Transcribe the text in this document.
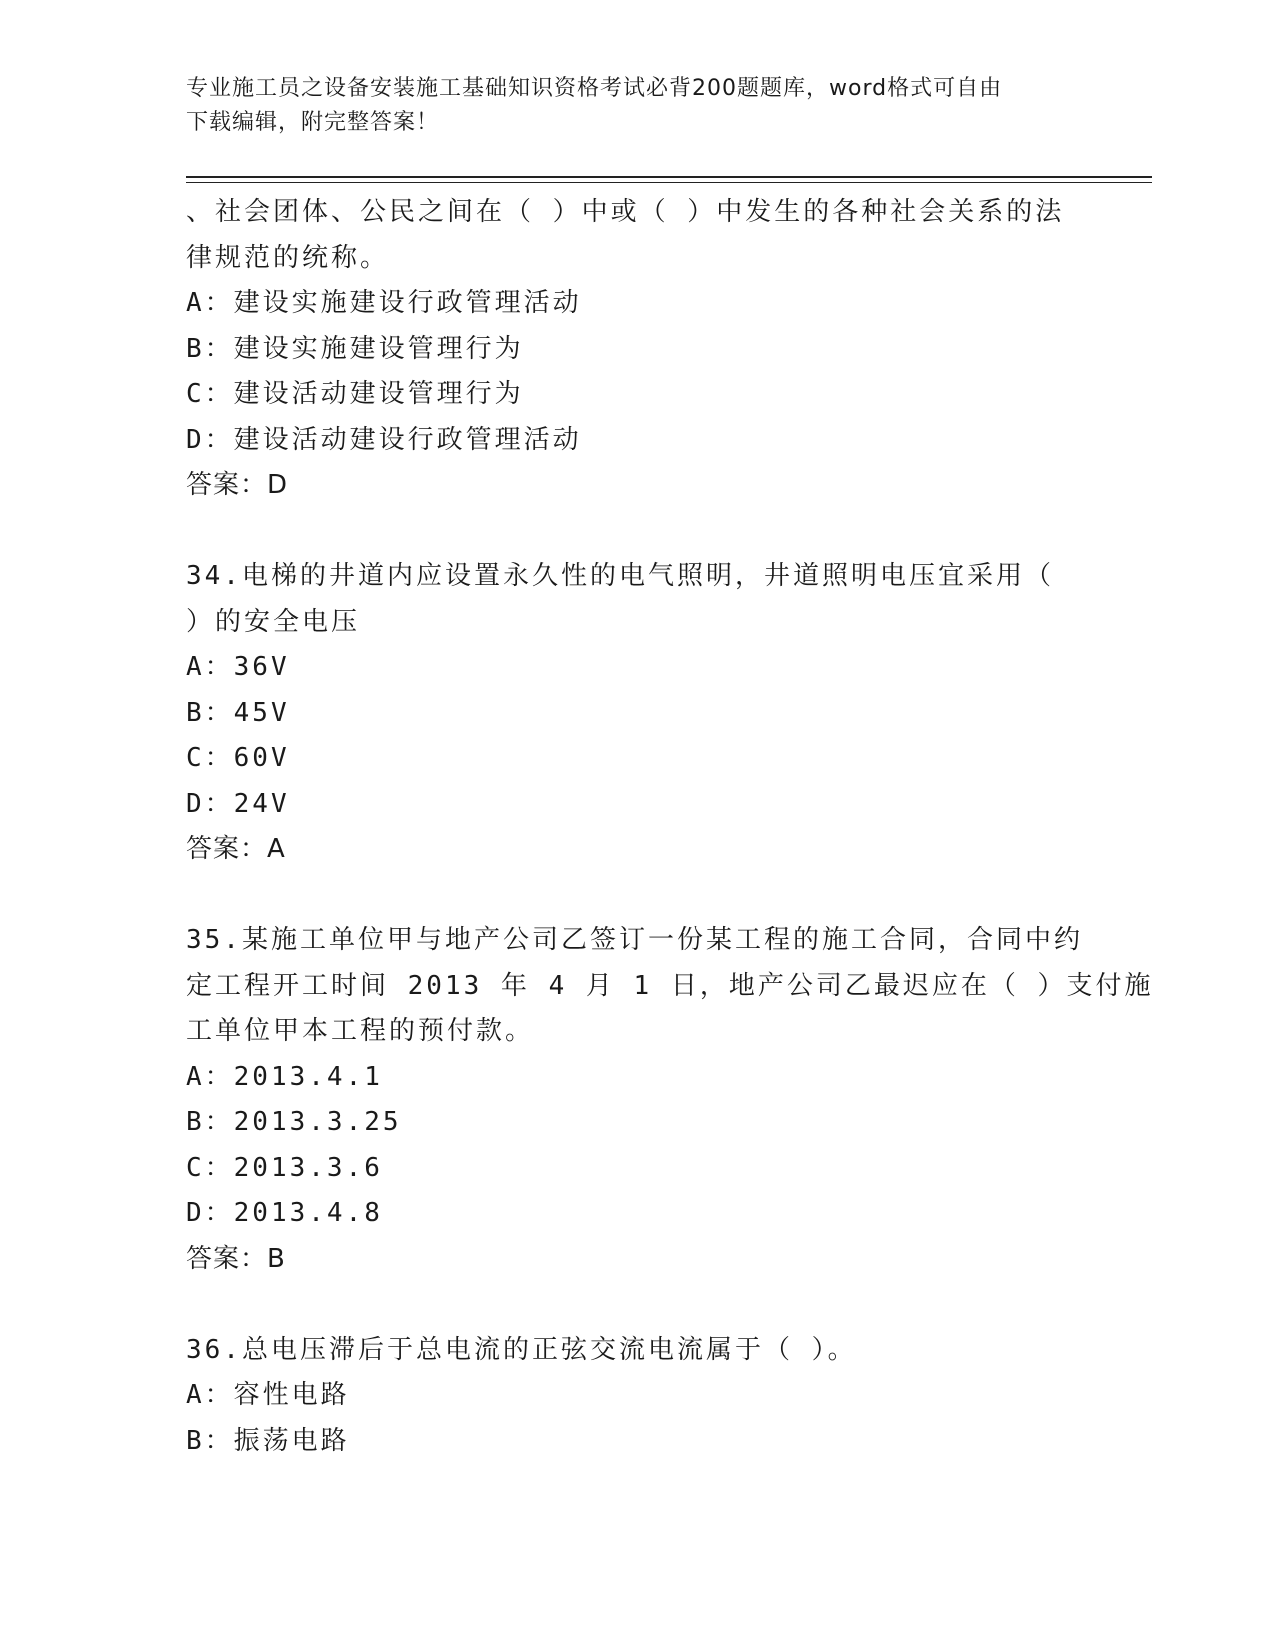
专业施工员之设备安装施工基础知识资格考试必背200题题库，word格式可自由
下载编辑，附完整答案！
、社会团体、公民之间在（ ）中或（ ）中发生的各种社会关系的法
律规范的统称。
A：建设实施建设行政管理活动
B：建设实施建设管理行为
C：建设活动建设管理行为
D：建设活动建设行政管理活动
答案：D
34.电梯的井道内应设置永久性的电气照明，井道照明电压宜采用（
）的安全电压
A：36V
B：45V
C：60V
D：24V
答案：A
35.某施工单位甲与地产公司乙签订一份某工程的施工合同，合同中约
定工程开工时间 2013 年 4 月 1 日，地产公司乙最迟应在（ ）支付施
工单位甲本工程的预付款。
A：2013.4.1
B：2013.3.25
C：2013.3.6
D：2013.4.8
答案：B
36.总电压滞后于总电流的正弦交流电流属于（ ）。
A：容性电路
B：振荡电路
